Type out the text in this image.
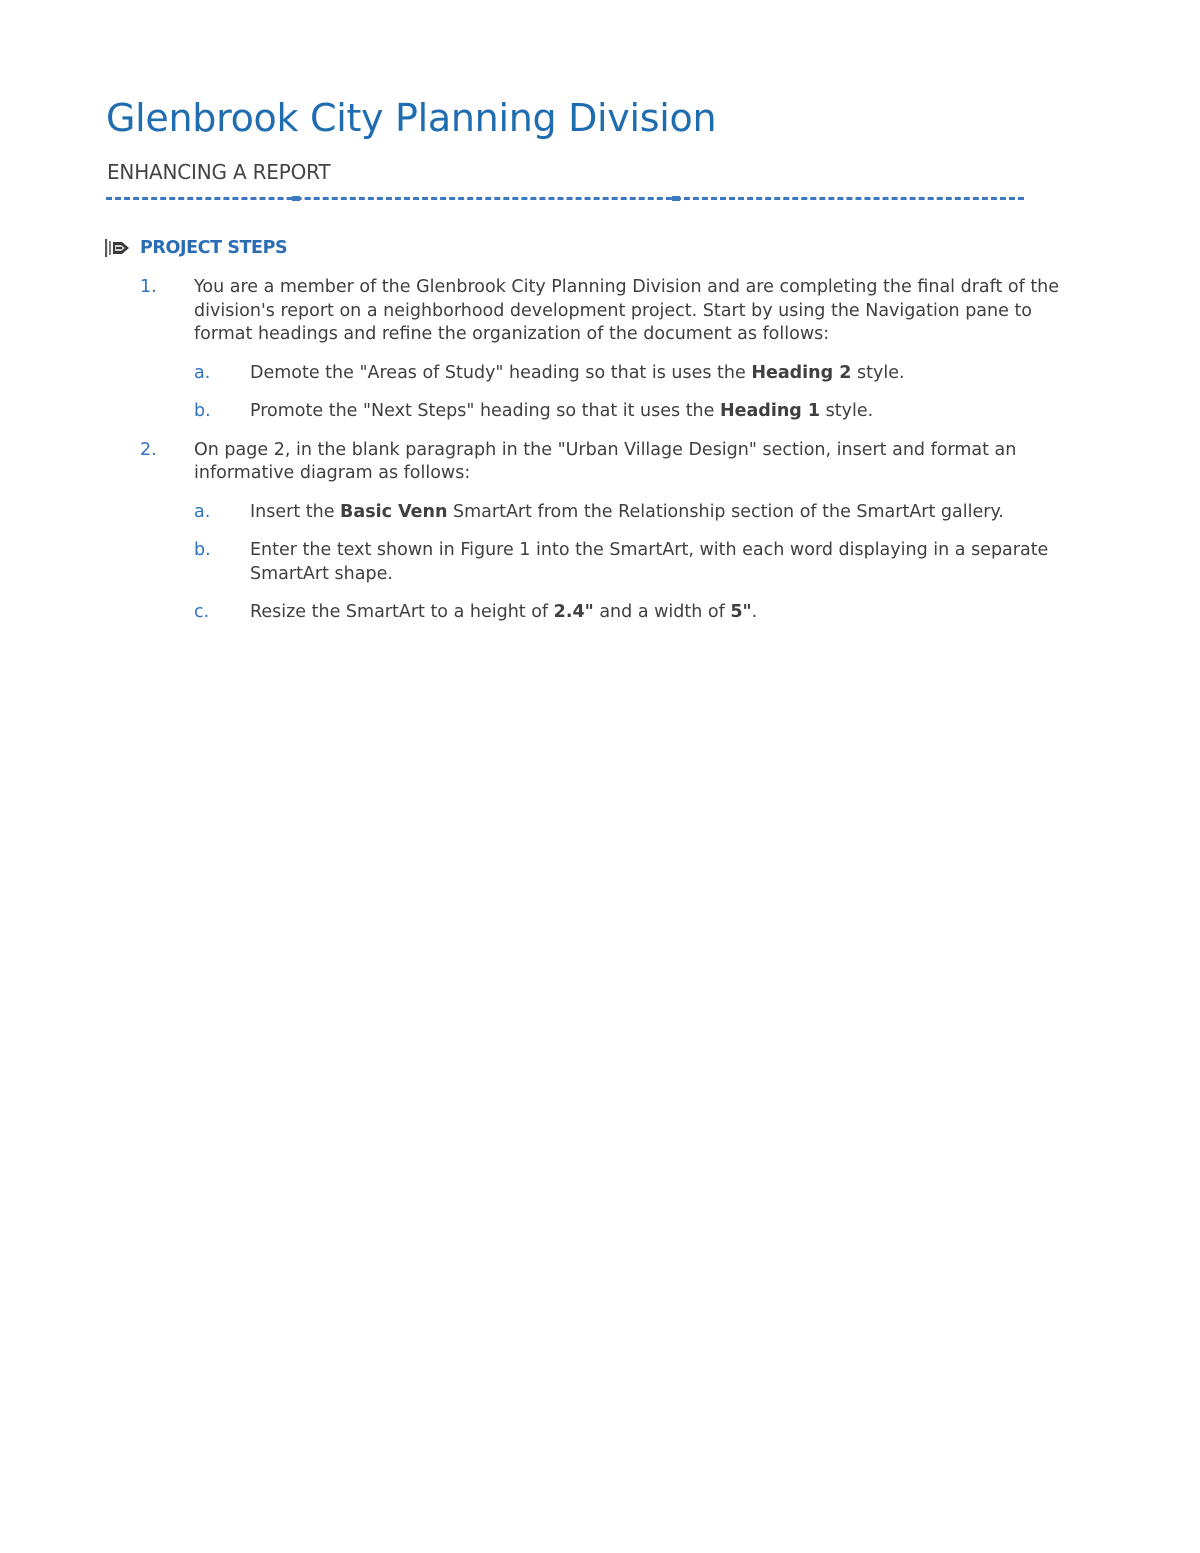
Glenbrook City Planning Division
ENHANCING A REPORT
PROJECT STEPS
1.	You are a member of the Glenbrook City Planning Division and are completing the final draft of the division's report on a neighborhood development project. Start by using the Navigation pane to format headings and refine the organization of the document as follows:

a.	Demote the "Areas of Study" heading so that is uses the Heading 2 style.
b.	Promote the "Next Steps" heading so that it uses the Heading 1 style.
2.	On page 2, in the blank paragraph in the "Urban Village Design" section, insert and format an informative diagram as follows:

a.	Insert the Basic Venn SmartArt from the Relationship section of the SmartArt gallery.
b.	Enter the text shown in Figure 1 into the SmartArt, with each word displaying in a separate SmartArt shape.
c.	Resize the SmartArt to a height of 2.4" and a width of 5".
